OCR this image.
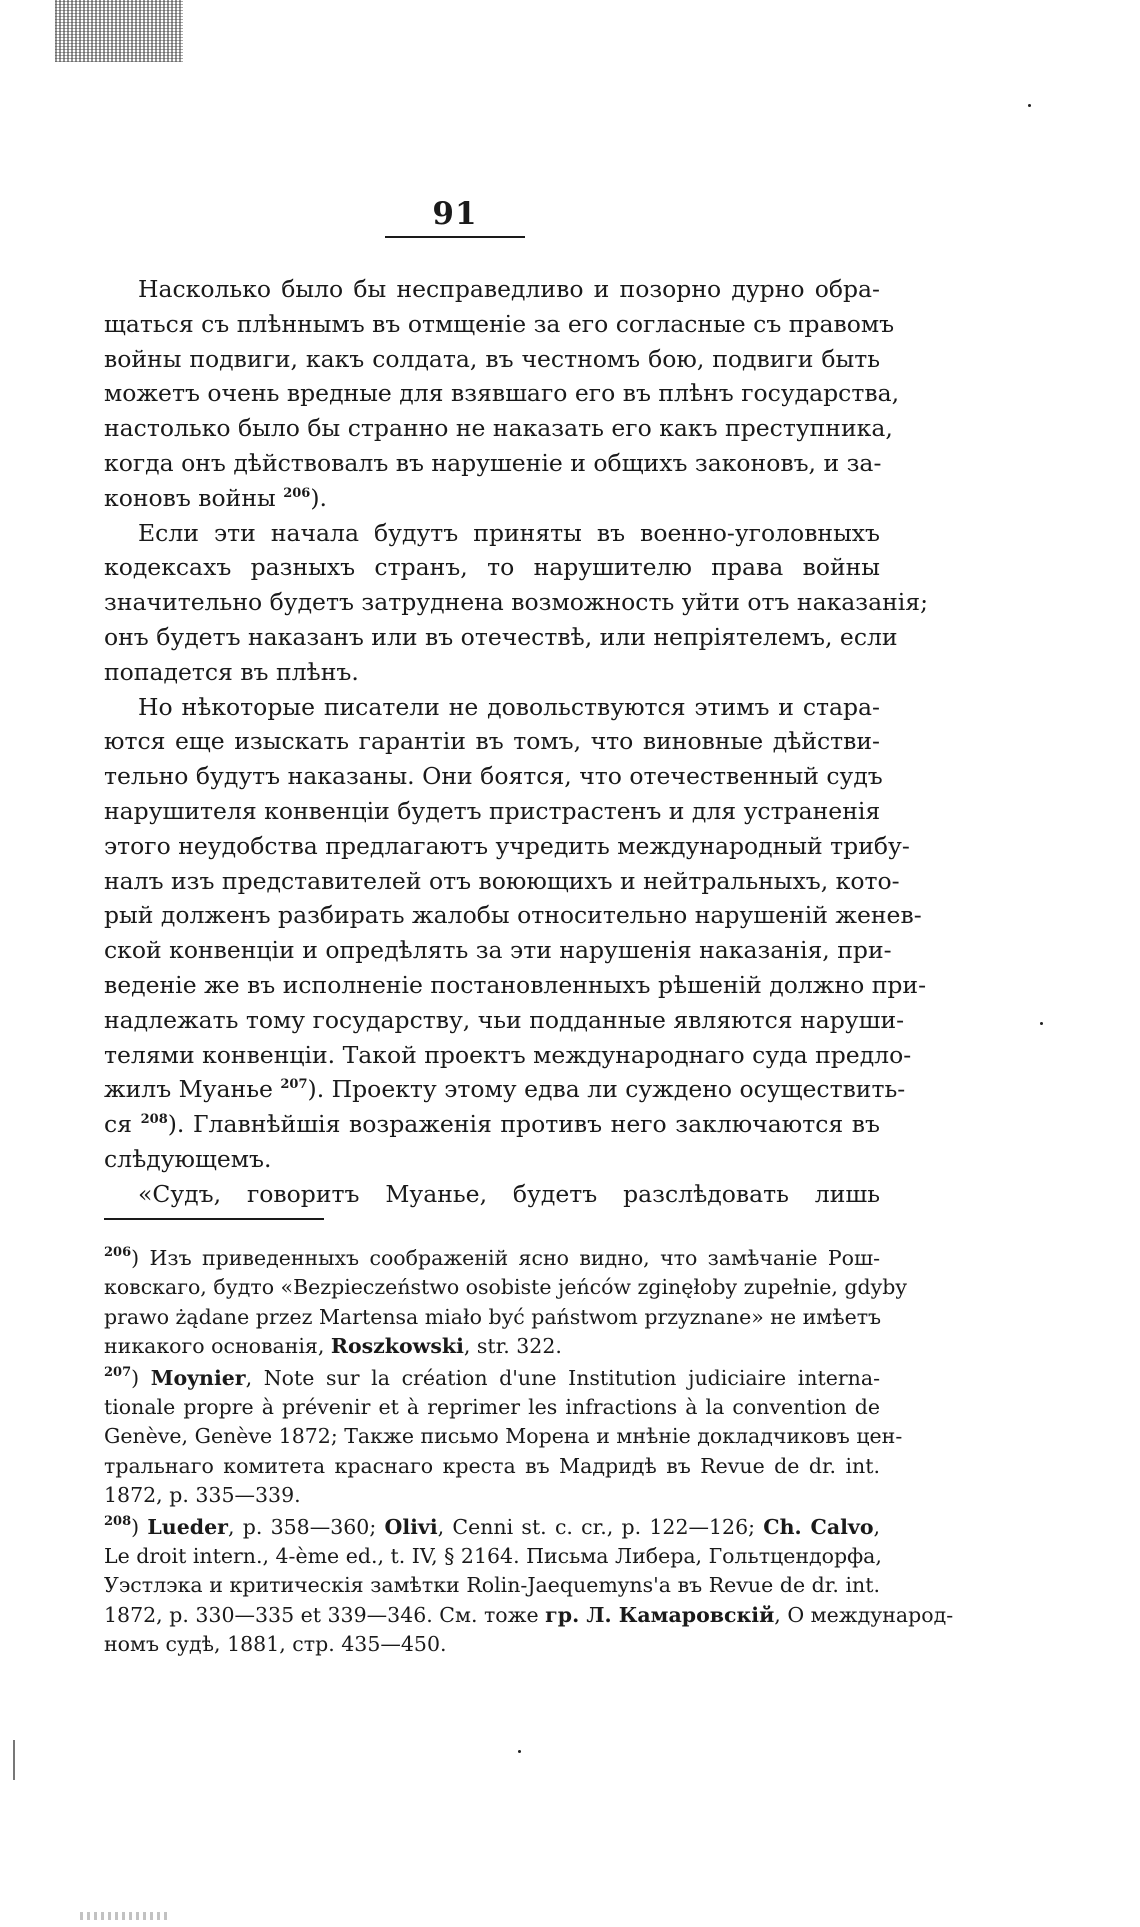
91

Насколько было бы несправедливо и позорно дурно обра-
щаться съ плѣннымъ въ отмщеніе за его согласные съ правомъ
войны подвиги, какъ солдата, въ честномъ бою, подвиги быть
можетъ очень вредные для взявшаго его въ плѣнъ государства,
настолько было бы странно не наказать его какъ преступника,
когда онъ дѣйствовалъ въ нарушеніе и общихъ законовъ, и за-
коновъ войны $^{206}$).

Если эти начала будутъ приняты въ военно-уголовныхъ
кодексахъ разныхъ странъ, то нарушителю права войны
значительно будетъ затруднена возможность уйти отъ наказанія;
онъ будетъ наказанъ или въ отечествѣ, или непріятелемъ, если
попадется въ плѣнъ.

Но нѣкоторые писатели не довольствуются этимъ и стара-
ются еще изыскать гарантіи въ томъ, что виновные дѣйстви-
тельно будутъ наказаны. Они боятся, что отечественный судъ
нарушителя конвенціи будетъ пристрастенъ и для устраненія
этого неудобства предлагаютъ учредить международный трибу-
налъ изъ представителей отъ воюющихъ и нейтральныхъ, кото-
рый долженъ разбирать жалобы относительно нарушеній женев-
ской конвенціи и опредѣлять за эти нарушенія наказанія, при-
веденіе же въ исполненіе постановленныхъ рѣшеній должно при-
надлежать тому государству, чьи подданные являются наруши-
телями конвенціи. Такой проектъ международнаго суда предло-
жилъ Муанье $^{207}$). Проекту этому едва ли суждено осуществить-
ся $^{208}$). Главнѣйшія возраженія противъ него заключаются въ
слѣдующемъ.

«Судъ, говоритъ Муанье, будетъ разслѣдовать лишь

$^{206}$) Изъ приведенныхъ соображеній ясно видно, что замѣчаніе Рош-
ковскаго, будто «Bezpieczeństwo osobiste jeńców zginęłoby zupełnie, gdyby
prawo żądane przez Martensa miało być państwom przyznane» не имѣетъ
никакого основанія, Roszkowski, str. 322.

$^{207}$) Moynier, Note sur la création d'une Institution judiciaire interna-
tionale propre à prévenir et à reprimer les infractions à la convention de
Genève, Genève 1872; Также письмо Морена и мнѣніе докладчиковъ цен-
тральнаго комитета краснаго креста въ Мадридѣ въ Revue de dr. int.
1872, p. 335—339.

$^{208}$) Lueder, p. 358—360; Olivi, Cenni st. c. cr., p. 122—126; Ch. Calvo,
Le droit intern., 4-ème ed., t. IV, § 2164. Письма Либера, Гольтцендорфа,
Уэстлэка и критическія замѣтки Rolin-Jaequemyns'a въ Revue de dr. int.
1872, p. 330—335 et 339—346. См. тоже гр. Л. Камаровскій, О международ-
номъ судѣ, 1881, стр. 435—450.
